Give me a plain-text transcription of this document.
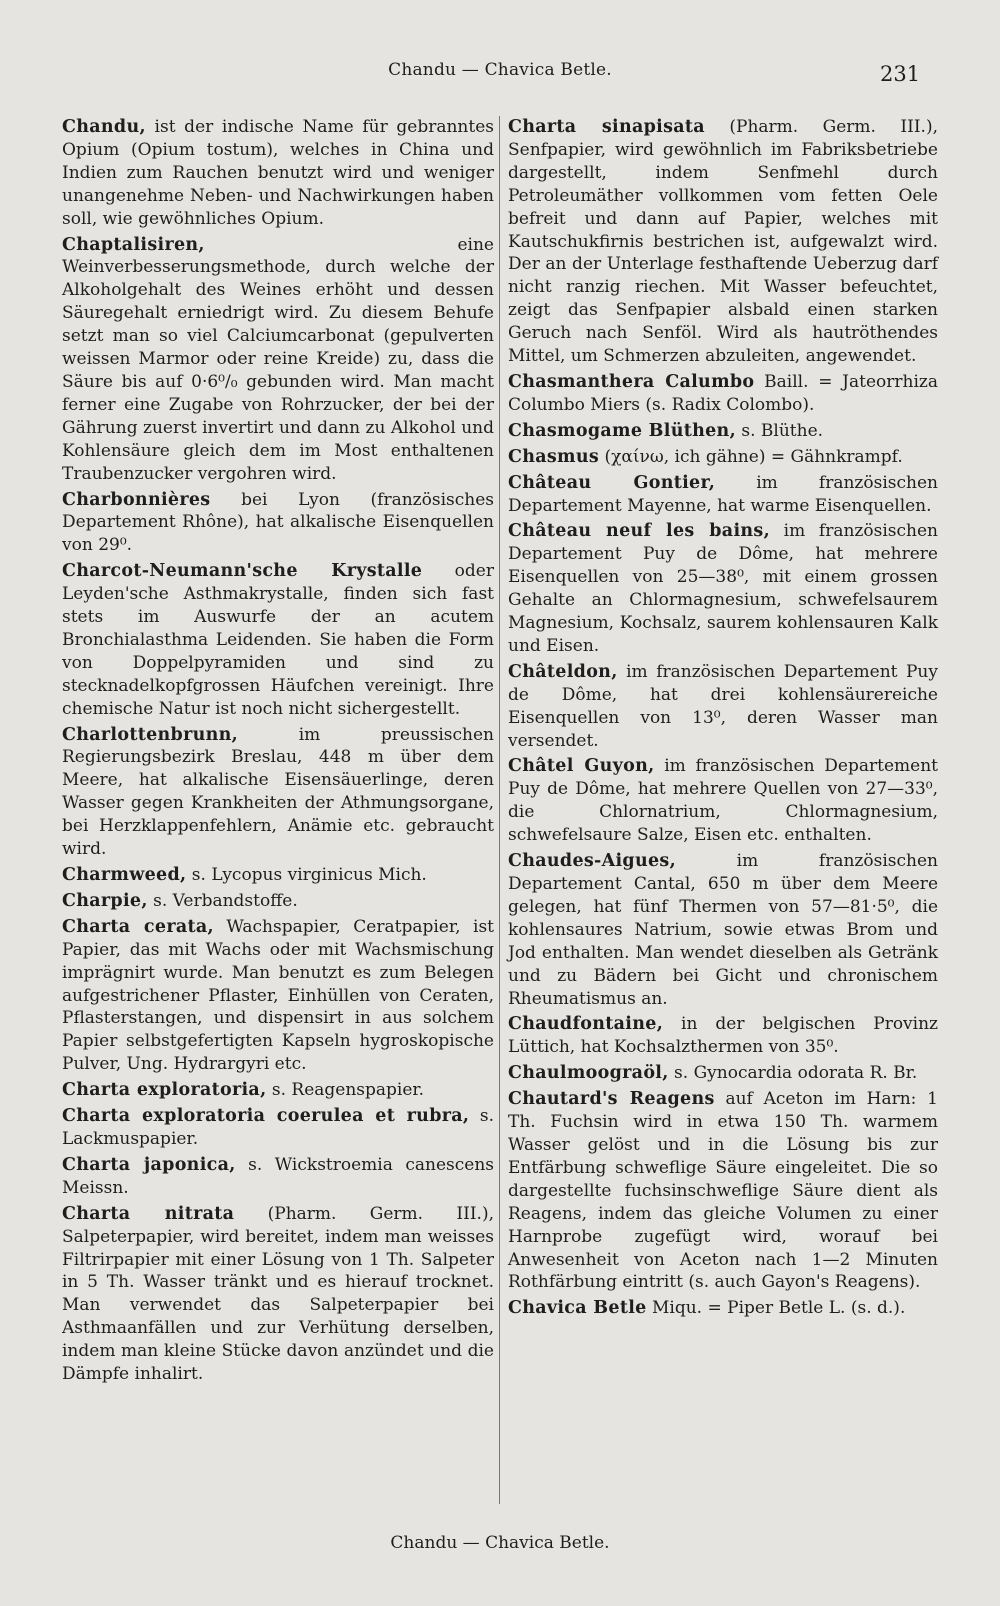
Chandu — Chavica Betle.	231

Chandu, ist der indische Name für gebranntes Opium (Opium tostum), welches in China und Indien zum Rauchen benutzt wird und weniger unangenehme Neben- und Nachwirkungen haben soll, wie gewöhnliches Opium.

Chaptalisiren, eine Weinverbesserungsmethode, durch welche der Alkoholgehalt des Weines erhöht und dessen Säuregehalt erniedrigt wird. Zu diesem Behufe setzt man so viel Calciumcarbonat (gepulverten weissen Marmor oder reine Kreide) zu, dass die Säure bis auf 0·6⁰/₀ gebunden wird. Man macht ferner eine Zugabe von Rohrzucker, der bei der Gährung zuerst invertirt und dann zu Alkohol und Kohlensäure gleich dem im Most enthaltenen Traubenzucker vergohren wird.

Charbonnières bei Lyon (französisches Departement Rhône), hat alkalische Eisenquellen von 29⁰.

Charcot-Neumann'sche Krystalle oder Leyden'sche Asthmakrystalle, finden sich fast stets im Auswurfe der an acutem Bronchialasthma Leidenden. Sie haben die Form von Doppelpyramiden und sind zu stecknadelkopfgrossen Häufchen vereinigt. Ihre chemische Natur ist noch nicht sichergestellt.

Charlottenbrunn, im preussischen Regierungsbezirk Breslau, 448 m über dem Meere, hat alkalische Eisensäuerlinge, deren Wasser gegen Krankheiten der Athmungsorgane, bei Herzklappenfehlern, Anämie etc. gebraucht wird.

Charmweed, s. Lycopus virginicus Mich.

Charpie, s. Verbandstoffe.

Charta cerata, Wachspapier, Ceratpapier, ist Papier, das mit Wachs oder mit Wachsmischung imprägnirt wurde. Man benutzt es zum Belegen aufgestrichener Pflaster, Einhüllen von Ceraten, Pflasterstangen, und dispensirt in aus solchem Papier selbstgefertigten Kapseln hygroskopische Pulver, Ung. Hydrargyri etc.

Charta exploratoria, s. Reagenspapier.

Charta exploratoria coerulea et rubra, s. Lackmuspapier.

Charta japonica, s. Wickstroemia canescens Meissn.

Charta nitrata (Pharm. Germ. III.), Salpeterpapier, wird bereitet, indem man weisses Filtrirpapier mit einer Lösung von 1 Th. Salpeter in 5 Th. Wasser tränkt und es hierauf trocknet. Man verwendet das Salpeterpapier bei Asthmaanfällen und zur Verhütung derselben, indem man kleine Stücke davon anzündet und die Dämpfe inhalirt.

Charta sinapisata (Pharm. Germ. III.), Senfpapier, wird gewöhnlich im Fabriksbetriebe dargestellt, indem Senfmehl durch Petroleumäther vollkommen vom fetten Oele befreit und dann auf Papier, welches mit Kautschukfirnis bestrichen ist, aufgewalzt wird. Der an der Unterlage festhaftende Ueberzug darf nicht ranzig riechen. Mit Wasser befeuchtet, zeigt das Senfpapier alsbald einen starken Geruch nach Senföl. Wird als hautröthendes Mittel, um Schmerzen abzuleiten, angewendet.

Chasmanthera Calumbo Baill. = Jateorrhiza Columbo Miers (s. Radix Colombo).

Chasmogame Blüthen, s. Blüthe.

Chasmus (χαίνω, ich gähne) = Gähnkrampf.

Château Gontier, im französischen Departement Mayenne, hat warme Eisenquellen.

Château neuf les bains, im französischen Departement Puy de Dôme, hat mehrere Eisenquellen von 25—38⁰, mit einem grossen Gehalte an Chlormagnesium, schwefelsaurem Magnesium, Kochsalz, saurem kohlensauren Kalk und Eisen.

Châteldon, im französischen Departement Puy de Dôme, hat drei kohlensäurereiche Eisenquellen von 13⁰, deren Wasser man versendet.

Châtel Guyon, im französischen Departement Puy de Dôme, hat mehrere Quellen von 27—33⁰, die Chlornatrium, Chlormagnesium, schwefelsaure Salze, Eisen etc. enthalten.

Chaudes-Aigues, im französischen Departement Cantal, 650 m über dem Meere gelegen, hat fünf Thermen von 57—81·5⁰, die kohlensaures Natrium, sowie etwas Brom und Jod enthalten. Man wendet dieselben als Getränk und zu Bädern bei Gicht und chronischem Rheumatismus an.

Chaudfontaine, in der belgischen Provinz Lüttich, hat Kochsalzthermen von 35⁰.

Chaulmoograöl, s. Gynocardia odorata R. Br.

Chautard's Reagens auf Aceton im Harn: 1 Th. Fuchsin wird in etwa 150 Th. warmem Wasser gelöst und in die Lösung bis zur Entfärbung schweflige Säure eingeleitet. Die so dargestellte fuchsinschweflige Säure dient als Reagens, indem das gleiche Volumen zu einer Harnprobe zugefügt wird, worauf bei Anwesenheit von Aceton nach 1—2 Minuten Rothfärbung eintritt (s. auch Gayon's Reagens).

Chavica Betle Miqu. = Piper Betle L. (s. d.).

Chandu — Chavica Betle.
